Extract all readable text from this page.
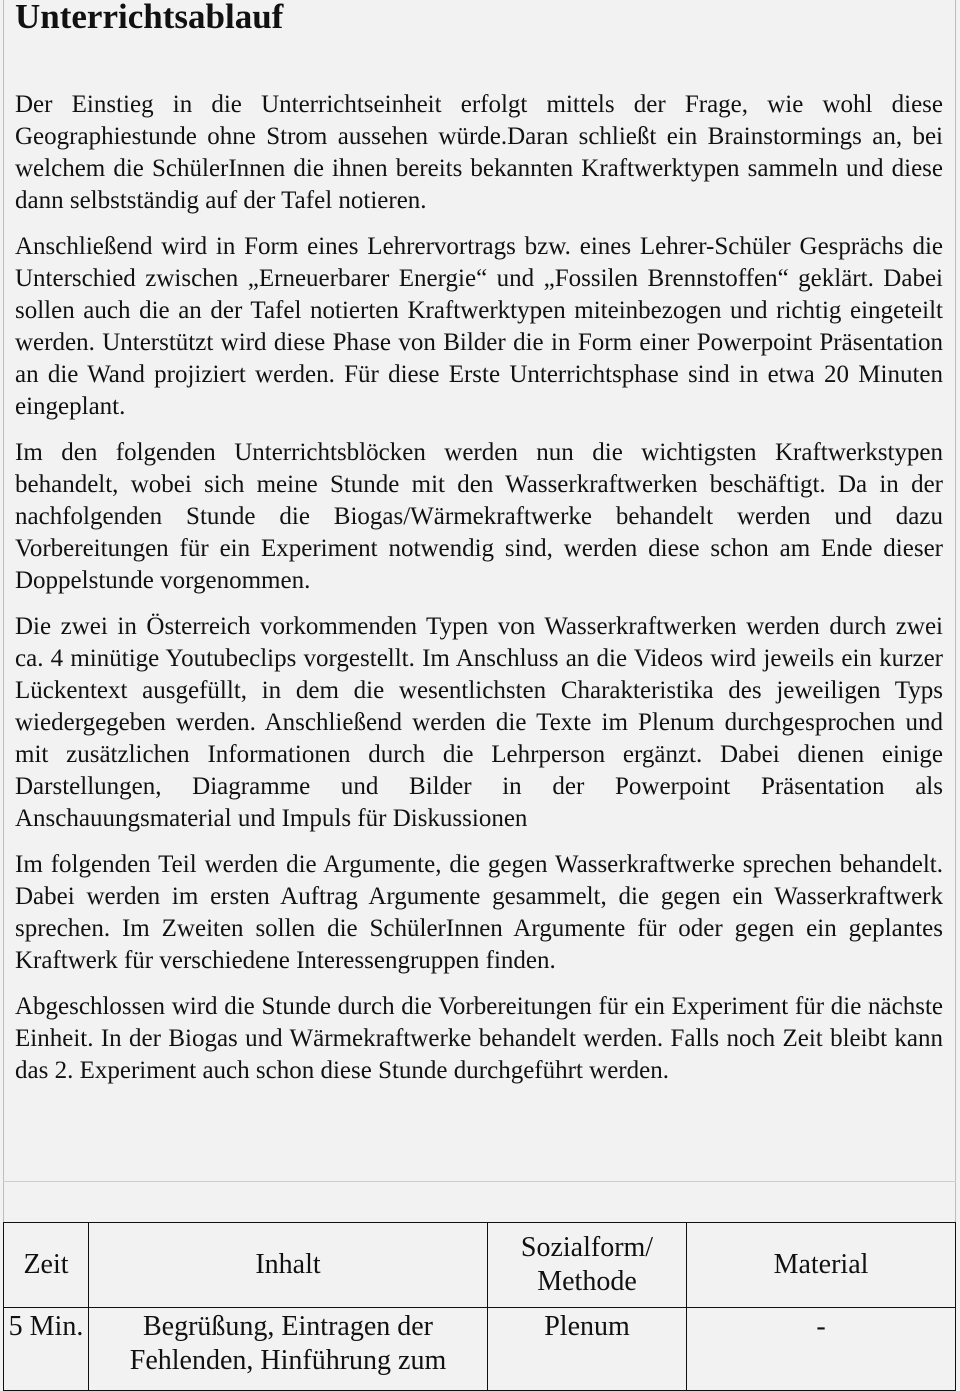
Unterrichtsablauf

Der Einstieg in die Unterrichtseinheit erfolgt mittels der Frage, wie wohl diese Geographiestunde ohne Strom aussehen würde.Daran schließt ein Brainstormings an, bei welchem die SchülerInnen die ihnen bereits bekannten Kraftwerktypen sammeln und diese dann selbstständig auf der Tafel notieren.

Anschließend wird in Form eines Lehrervortrags bzw. eines Lehrer-Schüler Gesprächs die Unterschied zwischen „Erneuerbarer Energie“ und „Fossilen Brennstoffen“ geklärt. Dabei sollen auch die an der Tafel notierten Kraftwerktypen miteinbezogen und richtig eingeteilt werden. Unterstützt wird diese Phase von Bilder die in Form einer Powerpoint Präsentation an die Wand projiziert werden. Für diese Erste Unterrichtsphase sind in etwa 20 Minuten eingeplant.

Im den folgenden Unterrichtsblöcken werden nun die wichtigsten Kraftwerkstypen behandelt, wobei sich meine Stunde mit den Wasserkraftwerken beschäftigt. Da in der nachfolgenden Stunde die Biogas/Wärmekraftwerke behandelt werden und dazu Vorbereitungen für ein Experiment notwendig sind, werden diese schon am Ende dieser Doppelstunde vorgenommen.

Die zwei in Österreich vorkommenden Typen von Wasserkraftwerken werden durch zwei ca. 4 minütige Youtubeclips vorgestellt. Im Anschluss an die Videos wird jeweils ein kurzer Lückentext ausgefüllt, in dem die wesentlichsten Charakteristika des jeweiligen Typs wiedergegeben werden. Anschließend werden die Texte im Plenum durchgesprochen und mit zusätzlichen Informationen durch die Lehrperson ergänzt. Dabei dienen einige Darstellungen, Diagramme und Bilder in der Powerpoint Präsentation als Anschauungsmaterial und Impuls für Diskussionen

Im folgenden Teil werden die Argumente, die gegen Wasserkraftwerke sprechen behandelt. Dabei werden im ersten Auftrag Argumente gesammelt, die gegen ein Wasserkraftwerk sprechen. Im Zweiten sollen die SchülerInnen Argumente für oder gegen ein geplantes Kraftwerk für verschiedene Interessengruppen finden.

Abgeschlossen wird die Stunde durch die Vorbereitungen für ein Experiment für die nächste Einheit. In der Biogas und Wärmekraftwerke behandelt werden. Falls noch Zeit bleibt kann das 2. Experiment auch schon diese Stunde durchgeführt werden.

Zeit	Inhalt	Sozialform/ Methode	Material
5 Min.	Begrüßung, Eintragen der Fehlenden, Hinführung zum	Plenum	-
